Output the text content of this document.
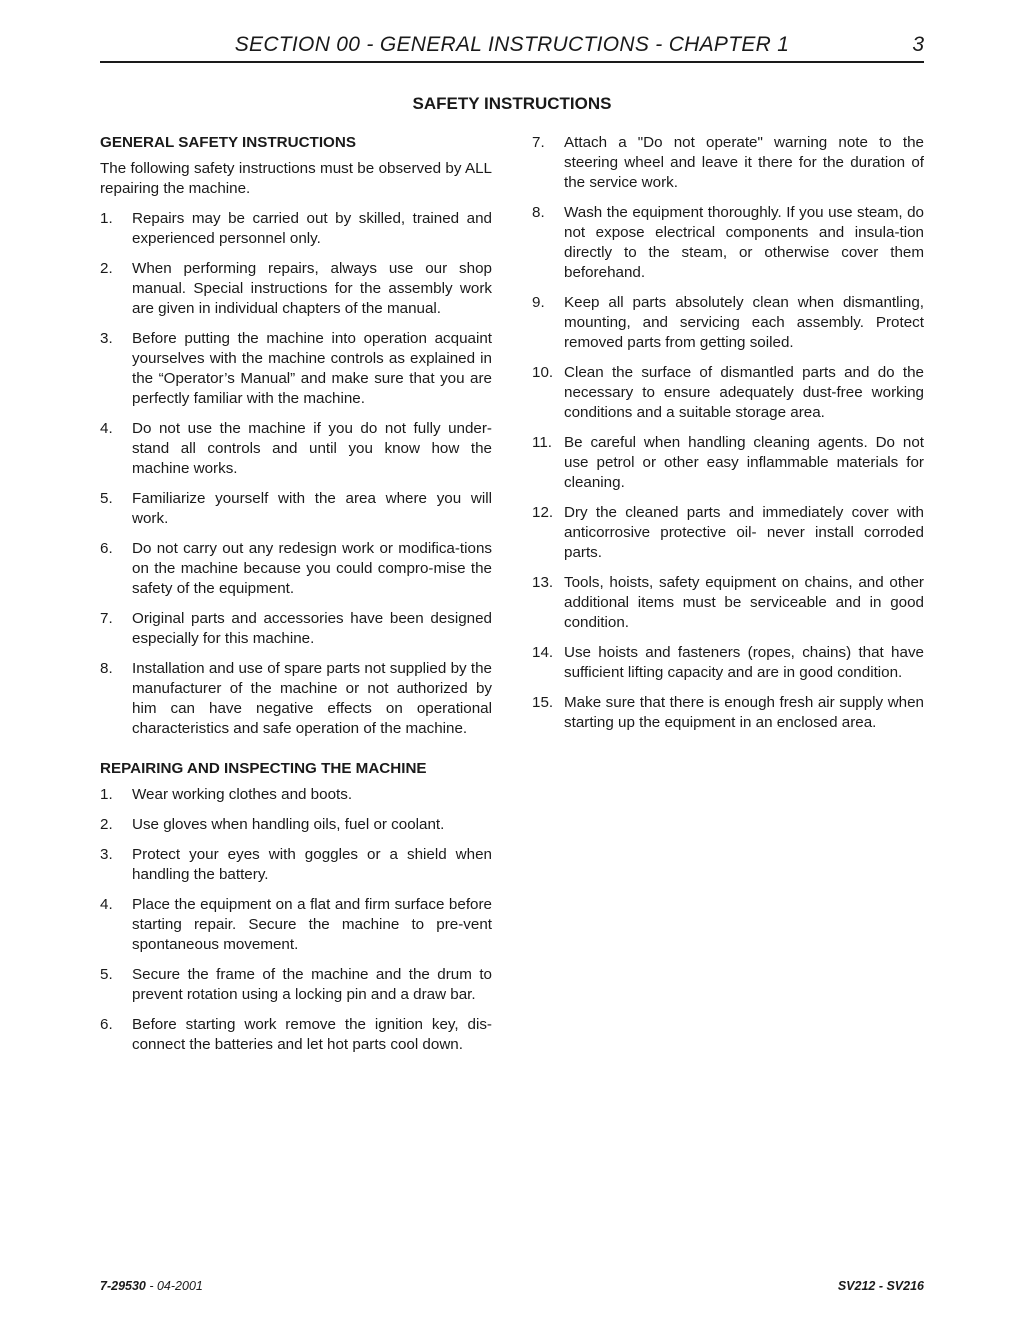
SECTION 00 - GENERAL INSTRUCTIONS - CHAPTER 1	3
SAFETY INSTRUCTIONS
GENERAL SAFETY INSTRUCTIONS
The following safety instructions must be observed by ALL repairing the machine.
1.	Repairs may be carried out by skilled, trained and experienced personnel only.
2.	When performing repairs, always use our shop manual. Special instructions for the assembly work are given in individual chapters of the manual.
3.	Before putting the machine into operation acquaint yourselves with the machine controls as explained in the “Operator’s Manual” and make sure that you are perfectly familiar with the machine.
4.	Do not use the machine if you do not fully under-stand all controls and until you know how the machine works.
5.	Familiarize yourself with the area where you will work.
6.	Do not carry out any redesign work or modifica-tions on the machine because you could compro-mise the safety of the equipment.
7.	Original parts and accessories have been designed especially for this machine.
8.	Installation and use of spare parts not supplied by the manufacturer of the machine or not authorized by him can have negative effects on operational characteristics and safe operation of the machine.
REPAIRING AND INSPECTING THE MACHINE
1.	Wear working clothes and boots.
2.	Use gloves when handling oils, fuel or coolant.
3.	Protect your eyes with goggles or a shield when handling the battery.
4.	Place the equipment on a flat and firm surface before starting repair. Secure the machine to pre-vent spontaneous movement.
5.	Secure the frame of the machine and the drum to prevent rotation using a locking pin and a draw bar.
6.	Before starting work remove the ignition key, dis-connect the batteries and let hot parts cool down.
7.	Attach a "Do not operate" warning note to the steering wheel and leave it there for the duration of the service work.
8.	Wash the equipment thoroughly. If you use steam, do not expose electrical components and insula-tion directly to the steam, or otherwise cover them beforehand.
9.	Keep all parts absolutely clean when dismantling, mounting, and servicing each assembly. Protect removed parts from getting soiled.
10. Clean the surface of dismantled parts and do the necessary to ensure adequately dust-free working conditions and a suitable storage area.
11. Be careful when handling cleaning agents. Do not use petrol or other easy inflammable materials for cleaning.
12. Dry the cleaned parts and immediately cover with anticorrosive protective oil- never install corroded parts.
13. Tools, hoists, safety equipment on chains, and other additional items must be serviceable and in good condition.
14. Use hoists and fasteners (ropes, chains) that have sufficient lifting capacity and are in good condition.
15. Make sure that there is enough fresh air supply when starting up the equipment in an enclosed area.
7-29530 - 04-2001	SV212 - SV216
